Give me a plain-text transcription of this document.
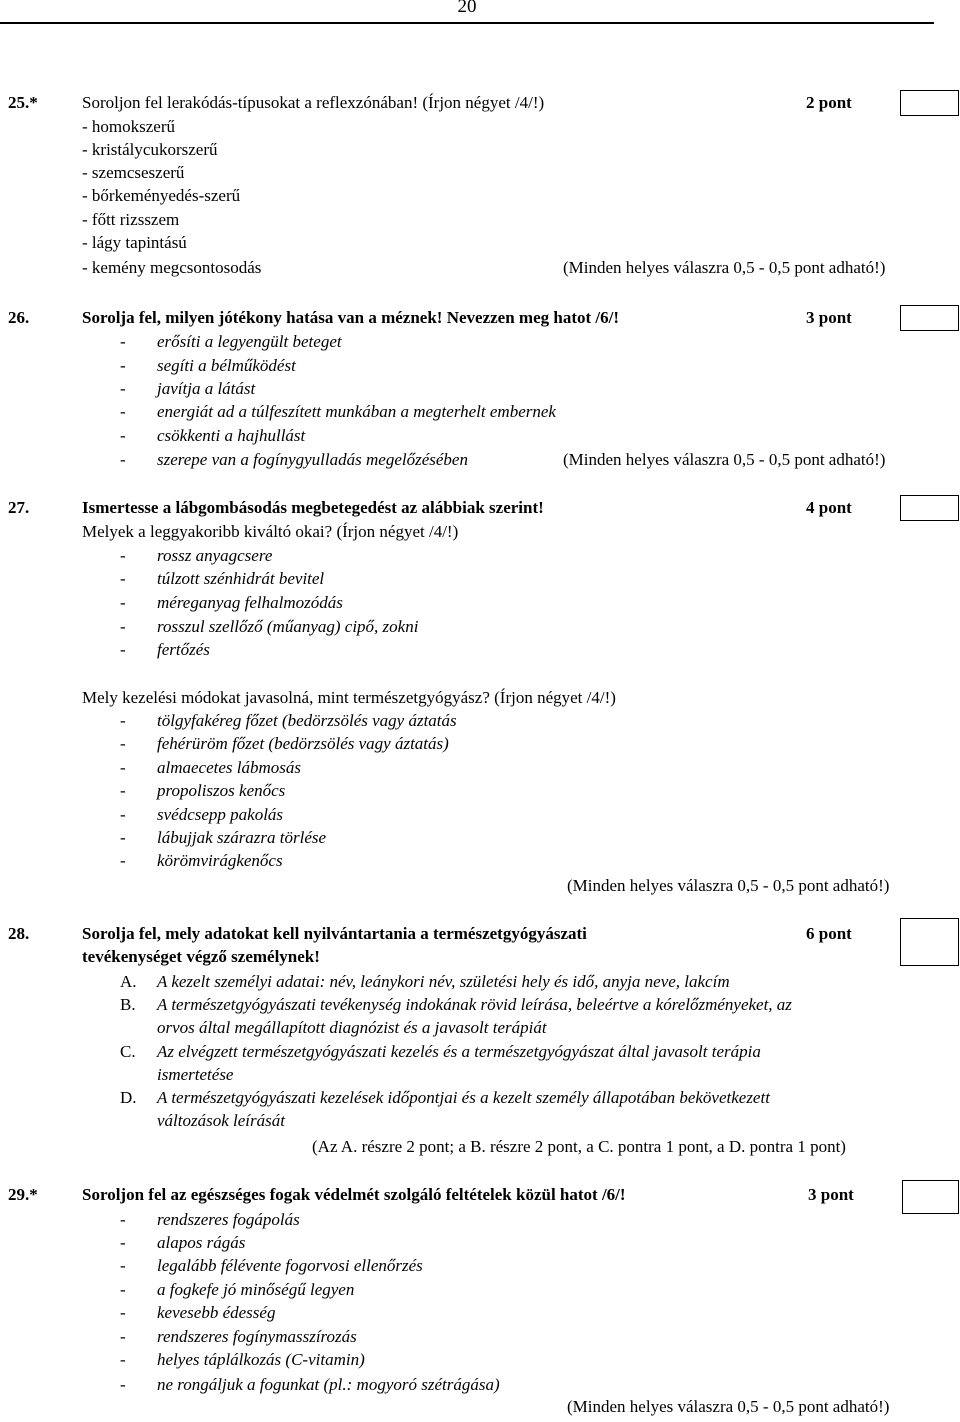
20
25.*	Soroljon fel lerakódás-típusokat a reflexzónában! (Írjon négyet /4/!)	2 pont
- homokszerű
- kristálycukorszerű
- szemcseszerű
- bőrkeményedés-szerű
- főtt rizsszem
- lágy tapintású
- kemény megcsontosodás	(Minden helyes válaszra 0,5 - 0,5 pont adható!)
26.	Sorolja fel, milyen jótékony hatása van a méznek! Nevezzen meg hatot /6/!	3 pont
- erősíti a legyengült beteget
- segíti a bélműködést
- javítja a látást
- energiát ad a túlfeszített munkában a megterhelt embernek
- csökkenti a hajhullást
- szerepe van a fogínygyulladás megelőzésében	(Minden helyes válaszra 0,5 - 0,5 pont adható!)
27.	Ismertesse a lábgombásodás megbetegedést az alábbiak szerint!	4 pont
Melyek a leggyakoribb kiváltó okai? (Írjon négyet /4/!)
- rossz anyagcsere
- túlzott szénhidrát bevitel
- méreganyag felhalmozódás
- rosszul szellőző (műanyag) cipő, zokni
- fertőzés
Mely kezelési módokat javasolná, mint természetgyógyász? (Írjon négyet /4/!)
- tölgyfakéreg főzet (bedörzsölés vagy áztatás
- fehérüröm főzet (bedörzsölés vagy áztatás)
- almaecetes lábmosás
- propoliszos kenőcs
- svédcsepp pakolás
- lábujjak szárazra törlése
- körömvirágkenőcs
(Minden helyes válaszra 0,5 - 0,5 pont adható!)
28.	Sorolja fel, mely adatokat kell nyilvántartania a természetgyógyászati
tevékenységet végző személynek!
6 pont
A. A kezelt személyi adatai: név, leánykori név, születési hely és idő, anyja neve, lakcím
B. A természetgyógyászati tevékenység indokának rövid leírása, beleértve a kórelőzményeket, az
orvos által megállapított diagnózist és a javasolt terápiát
C. Az elvégzett természetgyógyászati kezelés és a természetgyógyászat által javasolt terápia
ismertetése
D. A természetgyógyászati kezelések időpontjai és a kezelt személy állapotában bekövetkezett
változások leírását
(Az A. részre 2 pont; a B. részre 2 pont, a C. pontra 1 pont, a D. pontra 1 pont)
29.*	Soroljon fel az egészséges fogak védelmét szolgáló feltételek közül hatot /6/!	3 pont
- rendszeres fogápolás
- alapos rágás
- legalább félévente fogorvosi ellenőrzés
- a fogkefe jó minőségű legyen
- kevesebb édesség
- rendszeres fogínymasszírozás
- helyes táplálkozás (C-vitamin)
- ne rongáljuk a fogunkat (pl.: mogyoró szétrágása)
(Minden helyes válaszra 0,5 - 0,5 pont adható!)
